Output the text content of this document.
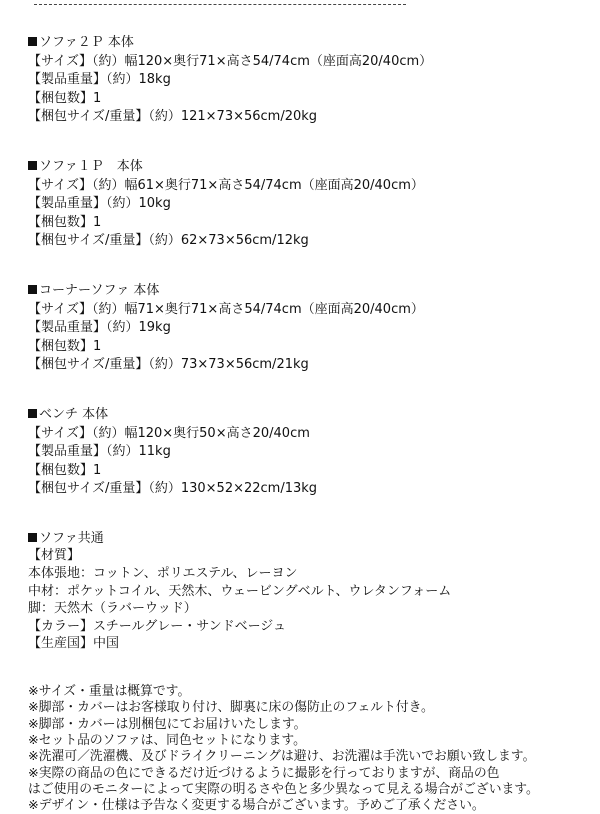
ソファ２Ｐ 本体
【サイズ】（約）幅120×奥行71×高さ54/74cm（座面高20/40cm）
【製品重量】（約）18kg
【梱包数】1
【梱包サイズ/重量】（約）121×73×56cm/20kg
ソファ１Ｐ　本体
【サイズ】（約）幅61×奥行71×高さ54/74cm（座面高20/40cm）
【製品重量】（約）10kg
【梱包数】1
【梱包サイズ/重量】（約）62×73×56cm/12kg
コーナーソファ 本体
【サイズ】（約）幅71×奥行71×高さ54/74cm（座面高20/40cm）
【製品重量】（約）19kg
【梱包数】1
【梱包サイズ/重量】（約）73×73×56cm/21kg
ベンチ 本体
【サイズ】（約）幅120×奥行50×高さ20/40cm
【製品重量】（約）11kg
【梱包数】1
【梱包サイズ/重量】（約）130×52×22cm/13kg
ソファ共通
【材質】
本体張地：コットン、ポリエステル、レーヨン
中材：ポケットコイル、天然木、ウェービングベルト、ウレタンフォーム
脚：天然木（ラバーウッド）
【カラー】スチールグレー・サンドベージュ
【生産国】中国
※サイズ・重量は概算です。
※脚部・カバーはお客様取り付け、脚裏に床の傷防止のフェルト付き。
※脚部・カバーは別梱包にてお届けいたします。
※セット品のソファは、同色セットになります。
※洗濯可／洗濯機、及びドライクリーニングは避け、お洗濯は手洗いでお願い致します。
※実際の商品の色にできるだけ近づけるように撮影を行っておりますが、商品の色
はご使用のモニターによって実際の明るさや色と多少異なって見える場合がございます。
※デザイン・仕様は予告なく変更する場合がございます。予めご了承ください。
